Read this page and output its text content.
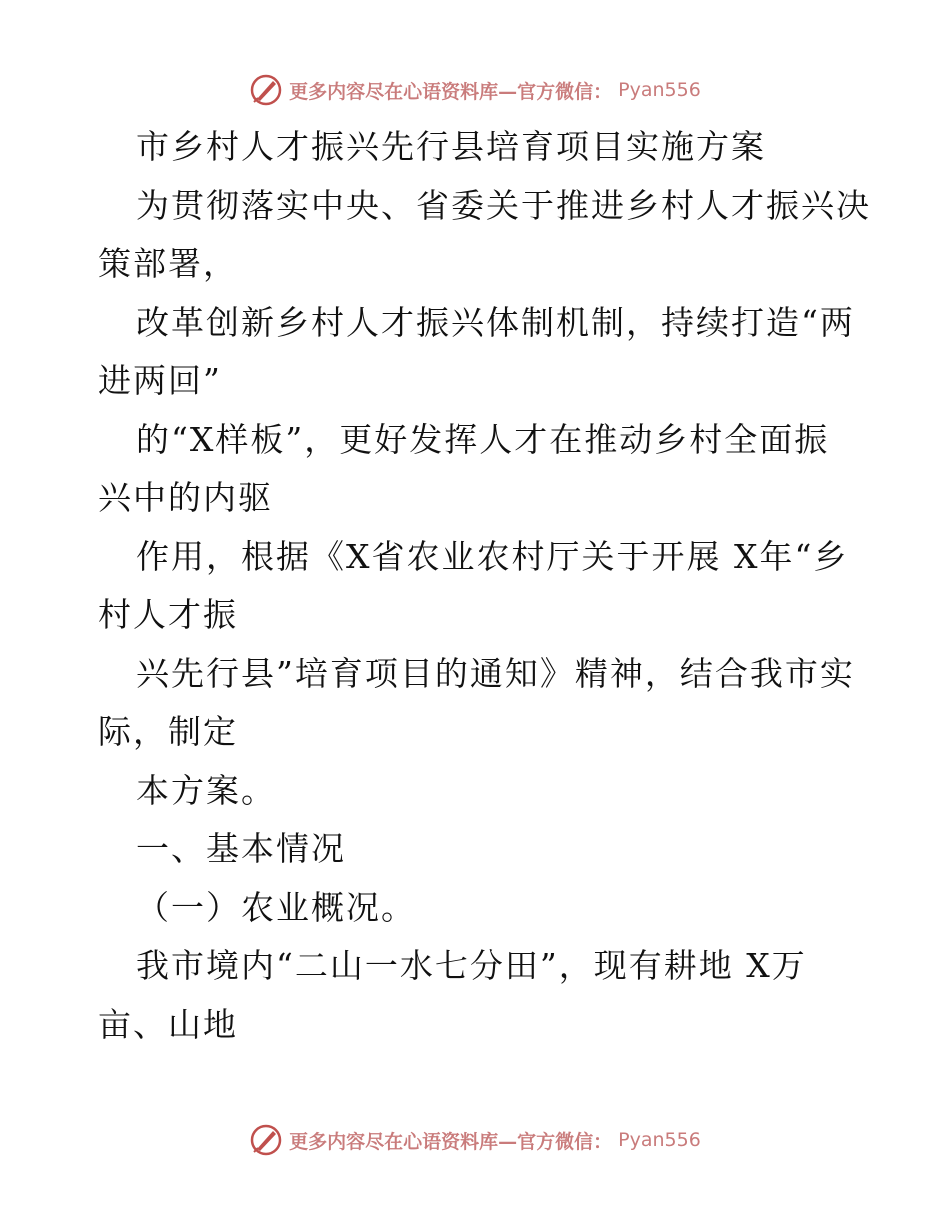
更多内容尽在心语资料库—官方微信： Pyan556
市乡村人才振兴先行县培育项目实施方案
为贯彻落实中央、省委关于推进乡村人才振兴决
策部署，
改革创新乡村人才振兴体制机制，持续打造“两
进两回”
的“X样板”，更好发挥人才在推动乡村全面振
兴中的内驱
作用，根据《X省农业农村厅关于开展 X年“乡
村人才振
兴先行县”培育项目的通知》精神，结合我市实
际，制定
本方案。
一、基本情况
（一）农业概况。
我市境内“二山一水七分田”，现有耕地 X万
亩、山地
更多内容尽在心语资料库—官方微信： Pyan556
